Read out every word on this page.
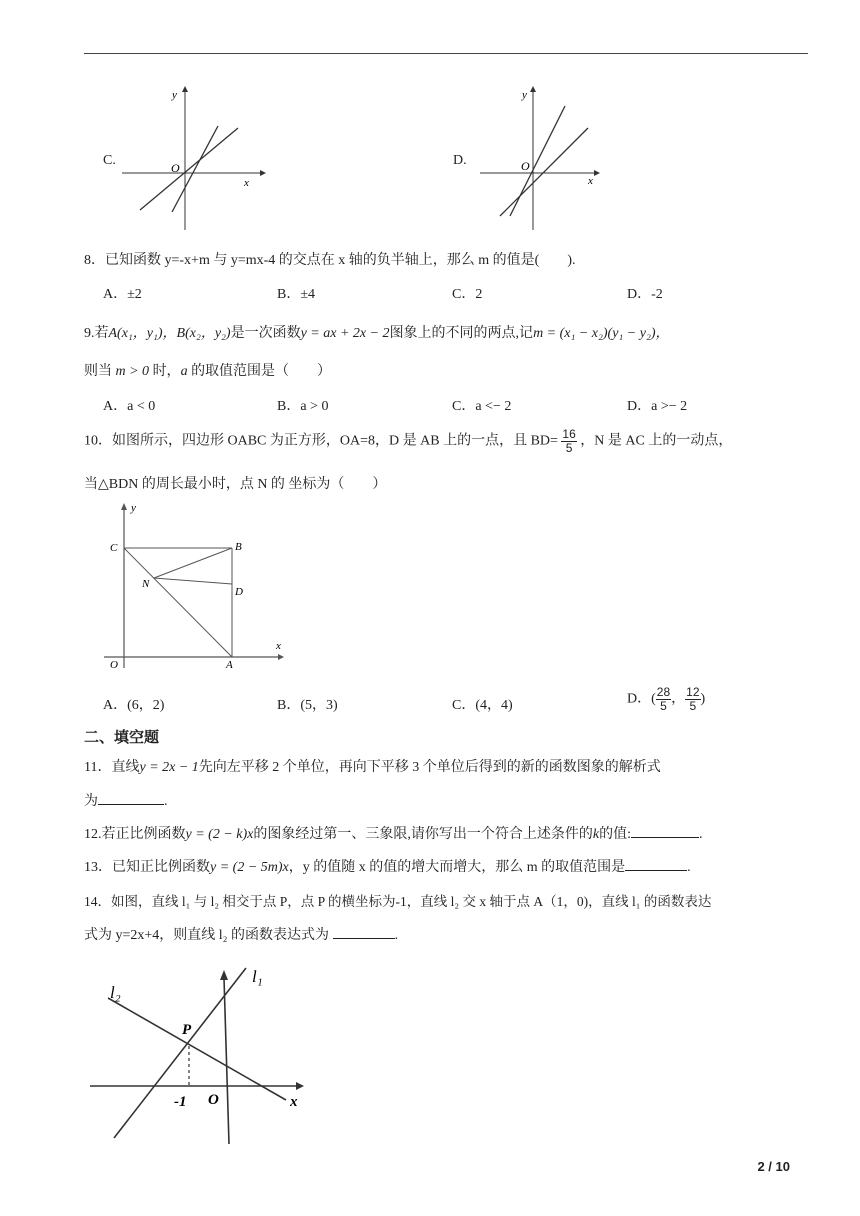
C.
y
x
O	D.
y
x
O
8．已知函数 y=-x+m 与 y=mx-4 的交点在 x 轴的负半轴上，那么 m 的值是(　　).
A．±2	B．±4	C．2	D．-2
9.若A(x₁，y₁)，B(x₂，y₂)是一次函数y = ax + 2x − 2图象上的不同的两点,记m = (x₁ − x₂)(y₁ − y₂)，
则当 m > 0 时，a 的取值范围是（　　）
A．a < 0	B．a > 0	C．a <− 2	D．a >− 2
10．如图所示，四边形 OABC 为正方形，OA=8，D 是 AB 上的一点，且 $BD= \frac{16}{5}$ ，N 是 AC 上的一动点，
当△BDN 的周长最小时，点 N 的 坐标为（　　）
C	B
N
D
O	A
x
y
A．(6，2)	B．(5，3)	C．(4，4)	D．( $\frac{28}{5}$ ， $\frac{12}{5}$ )
二、填空题
11．直线y = 2x − 1先向左平移 2 个单位，再向下平移 3 个单位后得到的新的函数图象的解析式
为	.
12.若正比例函数y = (2 − k)x的图象经过第一、三象限,请你写出一个符合上述条件的k的值:	.
13．已知正比例函数y = (2 − 5m)x，y 的值随 x 的值的增大而增大，那么 m 的取值范围是	.
14．如图，直线 l₁ 与 l₂ 相交于点 P，点 P 的横坐标为-1，直线 l₂ 交 x 轴于点 A（1，0)，直线 l₁ 的函数表达
式为 y=2x+4，则直线 l₂ 的函数表达式为	.
l₁
l₂
P
-1 O	x
2 / 10
